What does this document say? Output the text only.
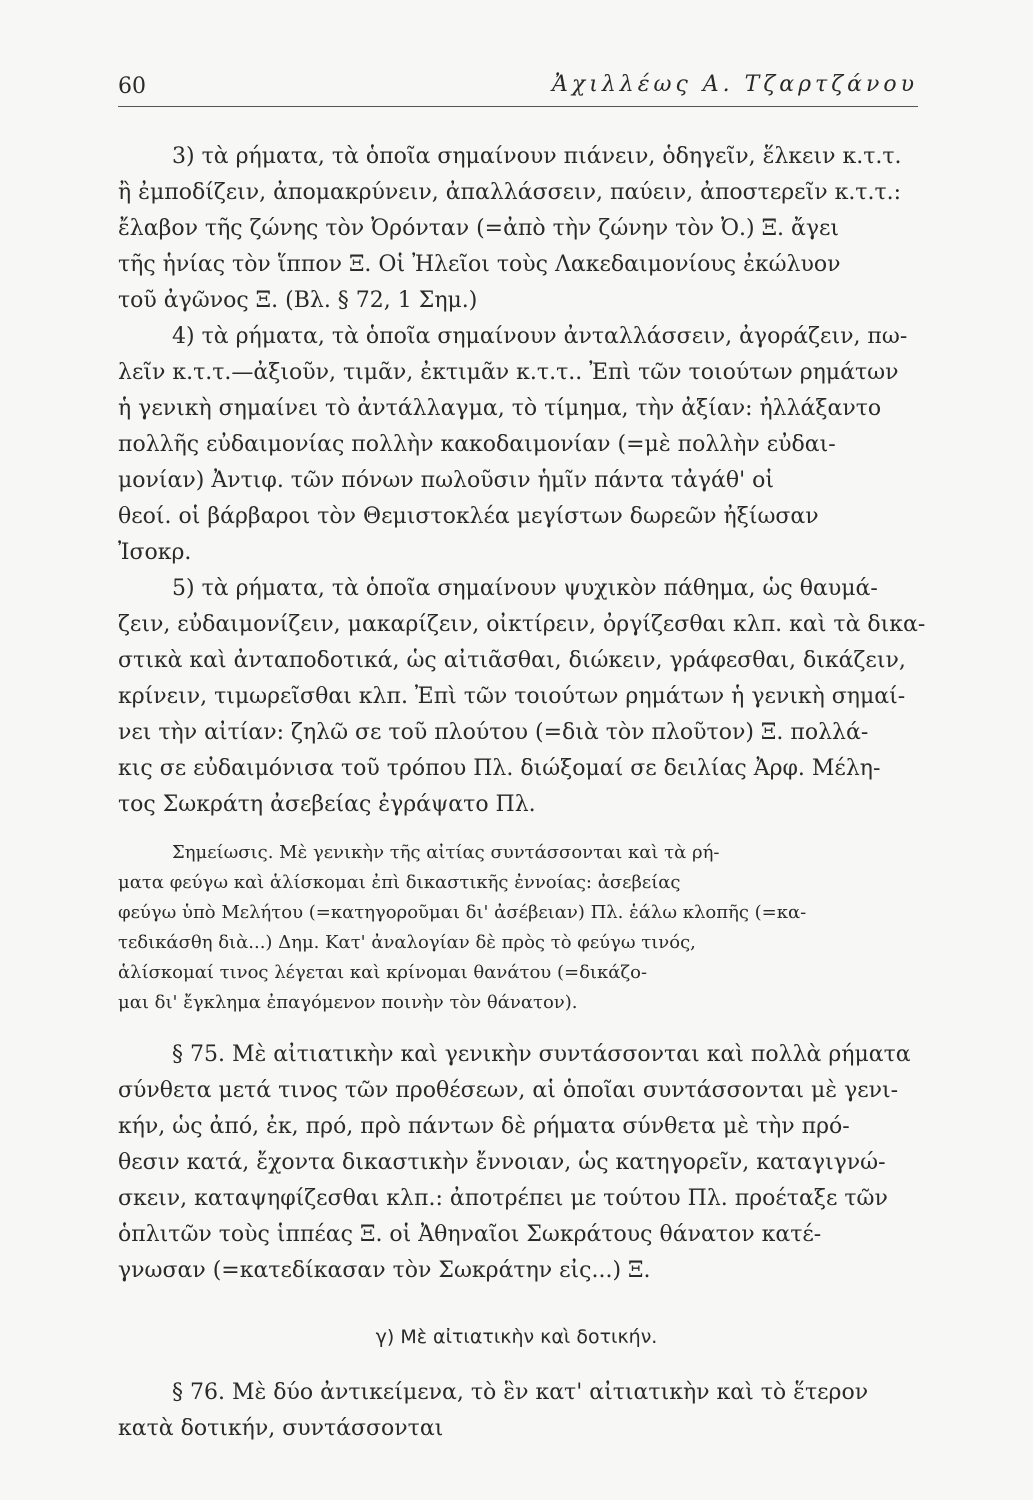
60	Ἀχιλλέως Α. Τζαρτζάνου
3) τὰ ρήματα, τὰ ὁποῖα σημαίνουν πιάνειν, ὁδηγεῖν, ἕλκειν κ.τ.τ.
ἢ ἐμποδίζειν, ἀπομακρύνειν, ἀπαλλάσσειν, παύειν, ἀποστερεῖν κ.τ.τ.:
ἔλαβον τῆς ζώνης τὸν Ὀρόνταν (=ἀπὸ τὴν ζώνην τὸν Ὀ.) Ξ. ἄγει
τῆς ἡνίας τὸν ἵππον Ξ. Οἱ Ἠλεῖοι τοὺς Λακεδαιμονίους ἐκώλυον
τοῦ ἀγῶνος Ξ. (Βλ. § 72, 1 Σημ.)
4) τὰ ρήματα, τὰ ὁποῖα σημαίνουν ἀνταλλάσσειν, ἀγοράζειν, πω-
λεῖν κ.τ.τ.—ἀξιοῦν, τιμᾶν, ἐκτιμᾶν κ.τ.τ.. Ἐπὶ τῶν τοιούτων ρημάτων
ἡ γενικὴ σημαίνει τὸ ἀντάλλαγμα, τὸ τίμημα, τὴν ἀξίαν: ἠλλάξαντο
πολλῆς εὐδαιμονίας πολλὴν κακοδαιμονίαν (=μὲ πολλὴν εὐδαι-
μονίαν) Ἀντιφ. τῶν πόνων πωλοῦσιν ἡμῖν πάντα τἀγάθ' οἱ
θεοί. οἱ βάρβαροι τὸν Θεμιστοκλέα μεγίστων δωρεῶν ἠξίωσαν
Ἰσοκρ.
5) τὰ ρήματα, τὰ ὁποῖα σημαίνουν ψυχικὸν πάθημα, ὡς θαυμά-
ζειν, εὐδαιμονίζειν, μακαρίζειν, οἰκτίρειν, ὀργίζεσθαι κλπ. καὶ τὰ δικα-
στικὰ καὶ ἀνταποδοτικά, ὡς αἰτιᾶσθαι, διώκειν, γράφεσθαι, δικάζειν,
κρίνειν, τιμωρεῖσθαι κλπ. Ἐπὶ τῶν τοιούτων ρημάτων ἡ γενικὴ σημαί-
νει τὴν αἰτίαν: ζηλῶ σε τοῦ πλούτου (=διὰ τὸν πλοῦτον) Ξ. πολλά-
κις σε εὐδαιμόνισα τοῦ τρόπου Πλ. διώξομαί σε δειλίας Ἀρφ. Μέλη-
τος Σωκράτη ἀσεβείας ἐγράψατο Πλ.
Σημείωσις. Μὲ γενικὴν τῆς αἰτίας συντάσσονται καὶ τὰ ρή-
ματα φεύγω καὶ ἁλίσκομαι ἐπὶ δικαστικῆς ἐννοίας: ἀσεβείας
φεύγω ὑπὸ Μελήτου (=κατηγοροῦμαι δι' ἀσέβειαν) Πλ. ἑάλω κλοπῆς (=κα-
τεδικάσθη διὰ...) Δημ. Κατ' ἀναλογίαν δὲ πρὸς τὸ φεύγω τινός,
ἁλίσκομαί τινος λέγεται καὶ κρίνομαι θανάτου (=δικάζο-
μαι δι' ἔγκλημα ἐπαγόμενον ποινὴν τὸν θάνατον).
§ 75. Μὲ αἰτιατικὴν καὶ γενικὴν συντάσσονται καὶ πολλὰ ρήματα
σύνθετα μετά τινος τῶν προθέσεων, αἱ ὁποῖαι συντάσσονται μὲ γενι-
κήν, ὡς ἀπό, ἐκ, πρό, πρὸ πάντων δὲ ρήματα σύνθετα μὲ τὴν πρό-
θεσιν κατά, ἔχοντα δικαστικὴν ἔννοιαν, ὡς κατηγορεῖν, καταγιγνώ-
σκειν, καταψηφίζεσθαι κλπ.: ἀποτρέπει με τούτου Πλ. προέταξε τῶν
ὁπλιτῶν τοὺς ἱππέας Ξ. οἱ Ἀθηναῖοι Σωκράτους θάνατον κατέ-
γνωσαν (=κατεδίκασαν τὸν Σωκράτην εἰς...) Ξ.
γ) Μὲ αἰτιατικὴν καὶ δοτικήν.
§ 76. Μὲ δύο ἀντικείμενα, τὸ ἓν κατ' αἰτιατικὴν καὶ τὸ ἕτερον
κατὰ δοτικήν, συντάσσονται
